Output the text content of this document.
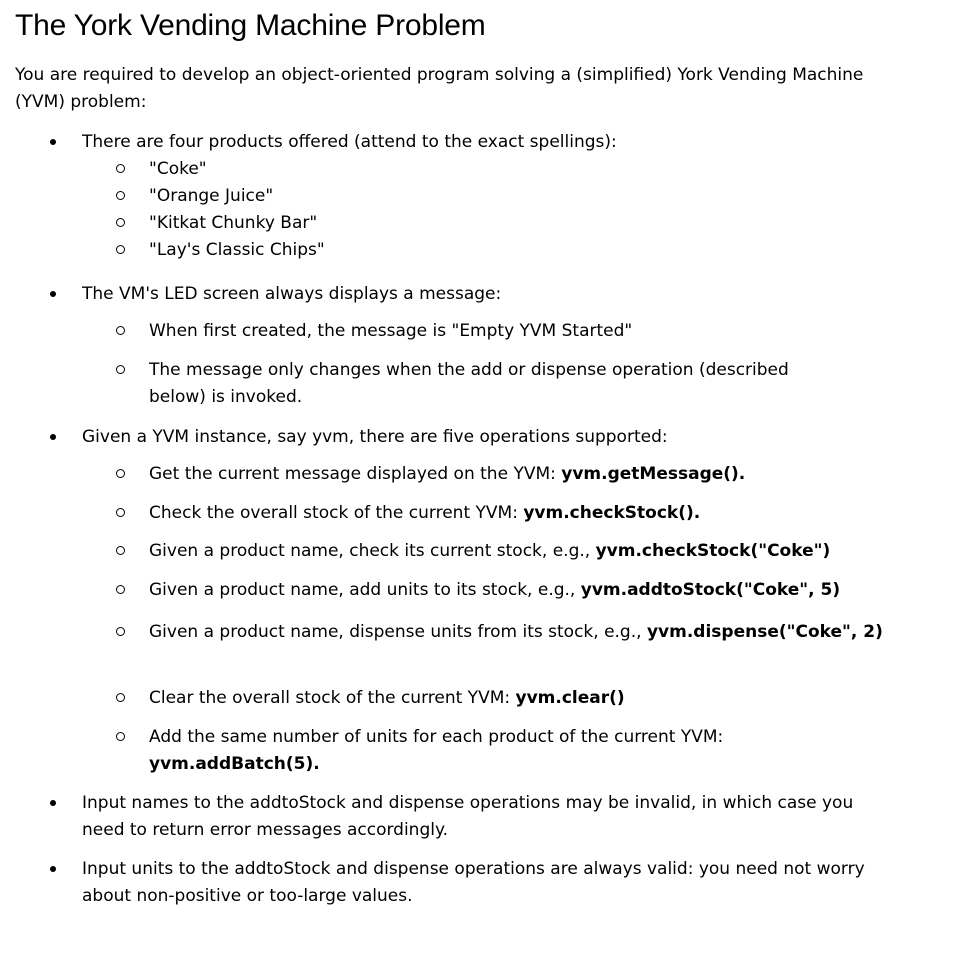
The York Vending Machine Problem

You are required to develop an object-oriented program solving a (simplified) York Vending Machine (YVM) problem:

There are four products offered (attend to the exact spellings):
"Coke"
"Orange Juice"
"Kitkat Chunky Bar"
"Lay's Classic Chips"
The VM's LED screen always displays a message:
When first created, the message is "Empty YVM Started"
The message only changes when the add or dispense operation (described below) is invoked.
Given a YVM instance, say yvm, there are five operations supported:
Get the current message displayed on the YVM: yvm.getMessage().
Check the overall stock of the current YVM: yvm.checkStock().
Given a product name, check its current stock, e.g., yvm.checkStock("Coke")
Given a product name, add units to its stock, e.g., yvm.addtoStock("Coke", 5)
Given a product name, dispense units from its stock, e.g., yvm.dispense("Coke", 2)
Clear the overall stock of the current YVM: yvm.clear()
Add the same number of units for each product of the current YVM: yvm.addBatch(5).
Input names to the addtoStock and dispense operations may be invalid, in which case you need to return error messages accordingly.
Input units to the addtoStock and dispense operations are always valid: you need not worry about non-positive or too-large values.
